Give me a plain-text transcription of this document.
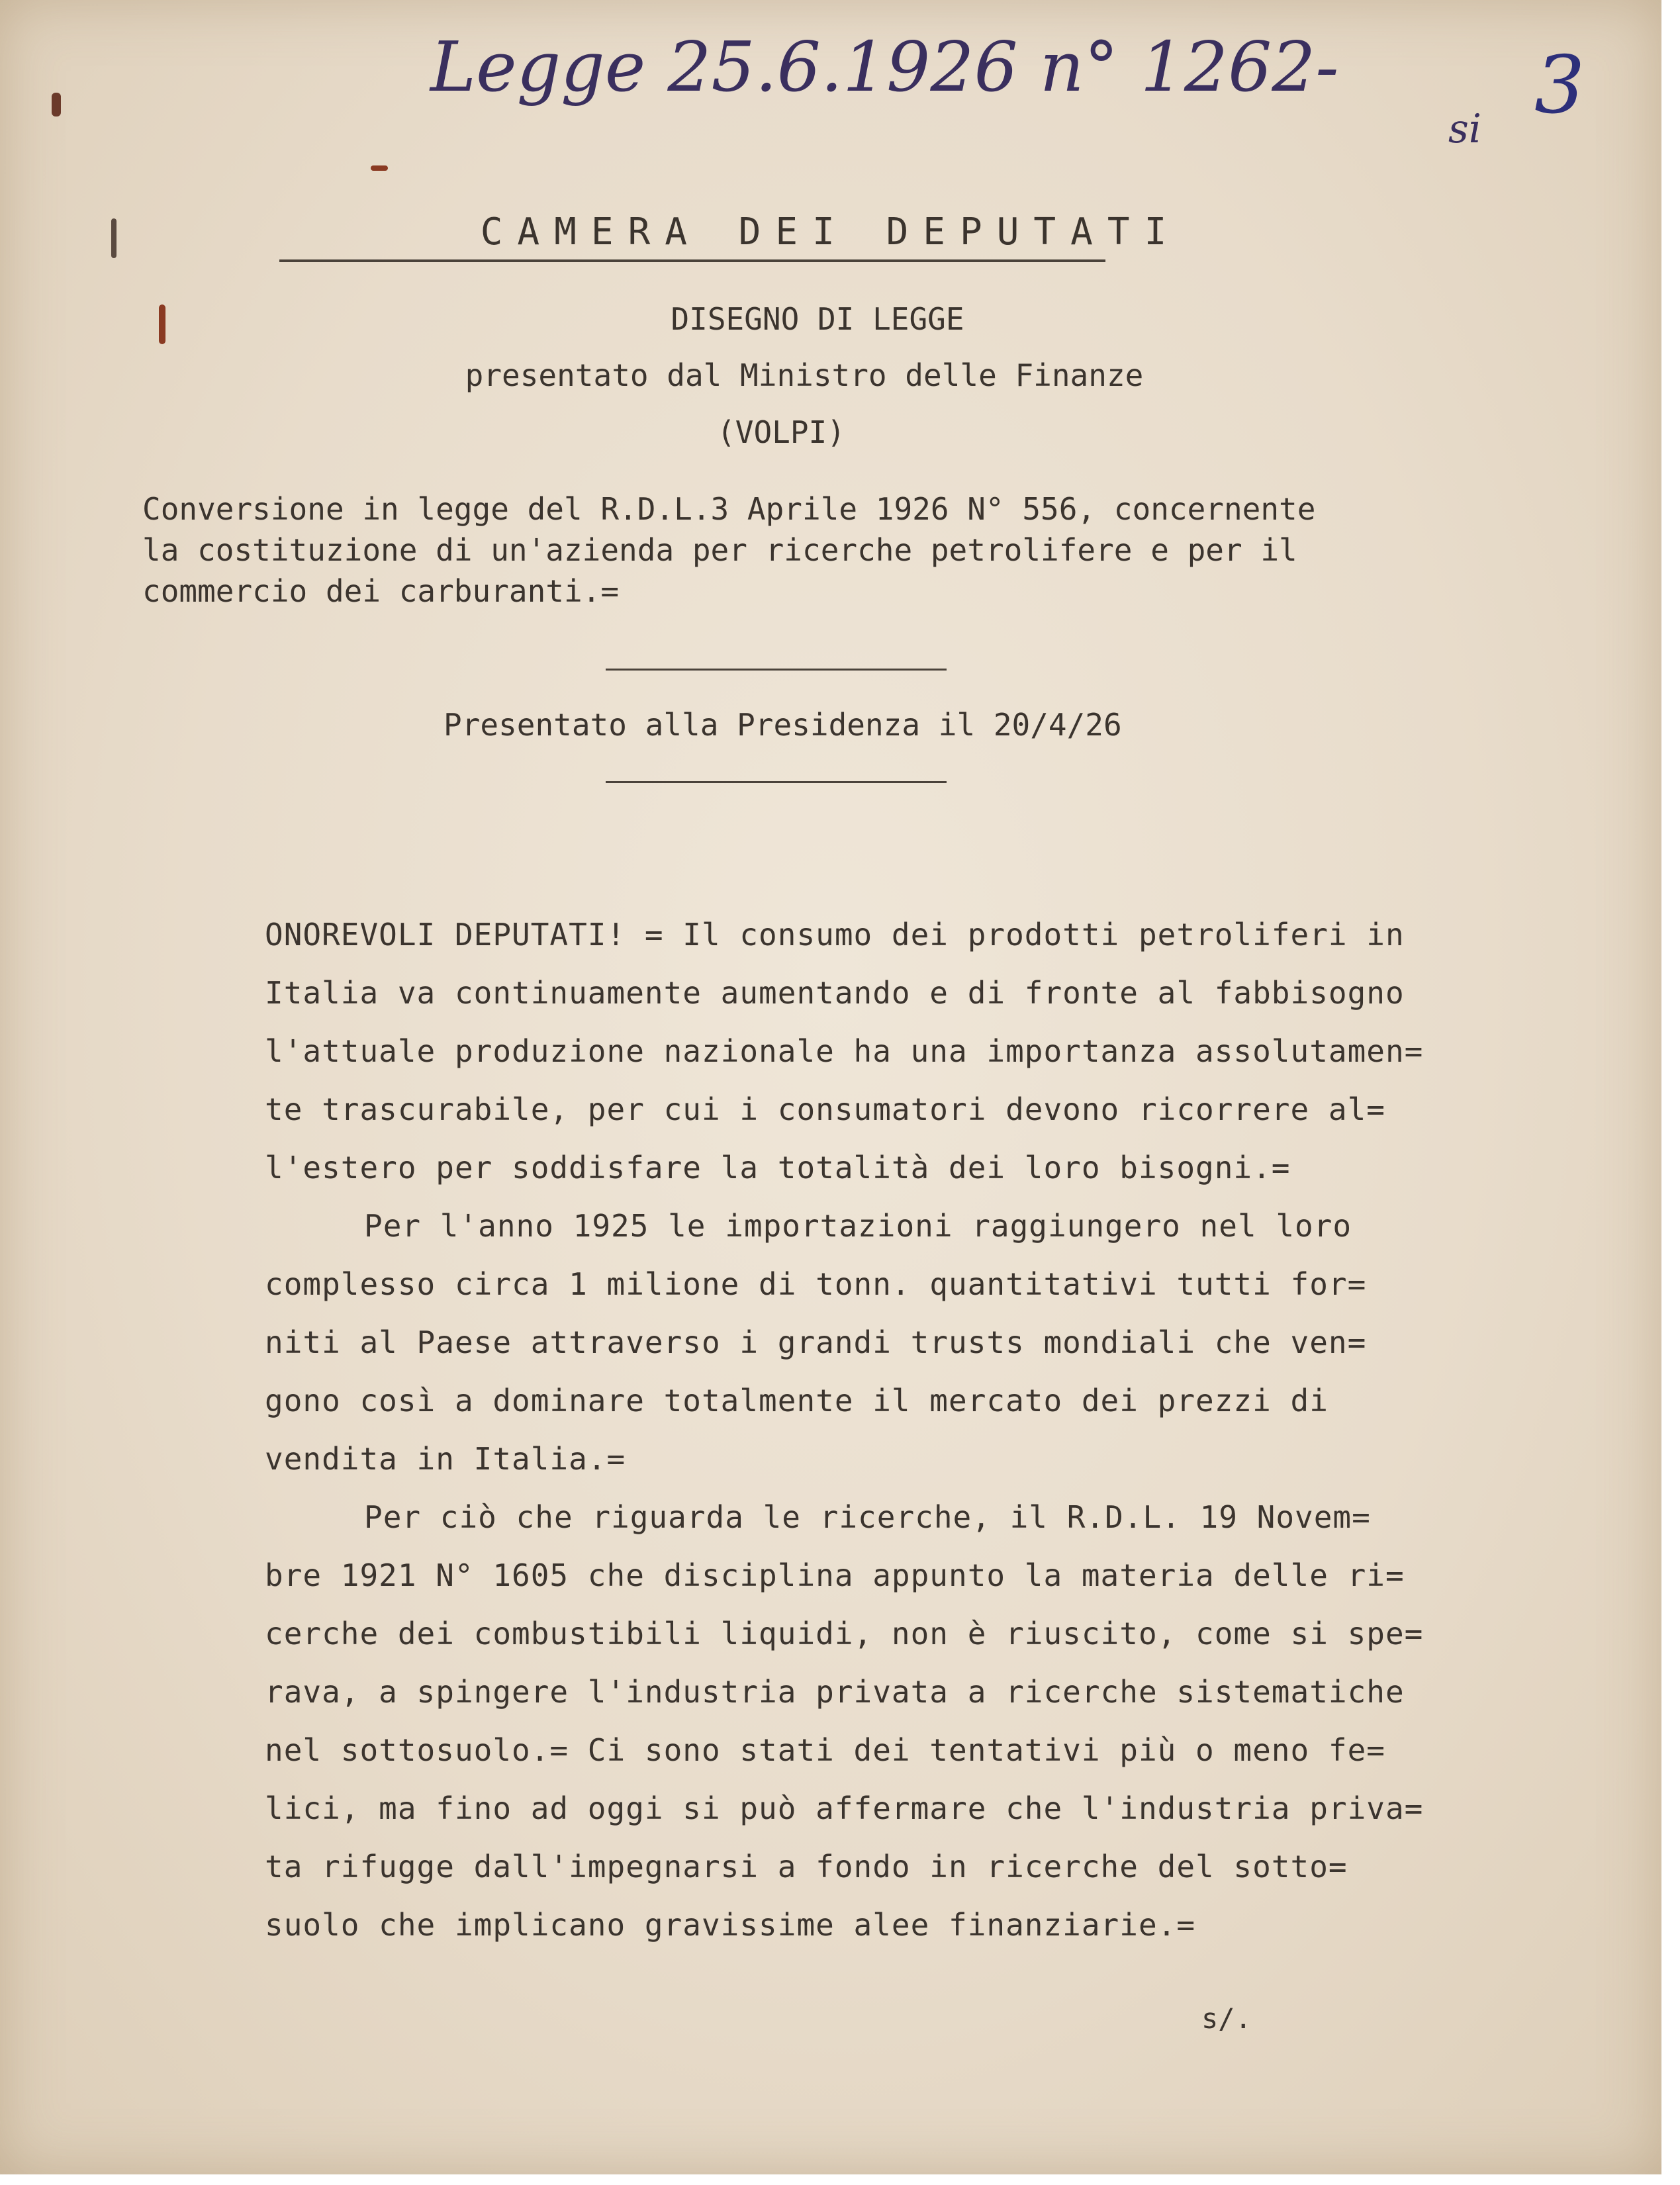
Legge 25.6.1926 n° 1262- 3
si
CAMERA DEI DEPUTATI
DISEGNO DI LEGGE
presentato dal Ministro delle Finanze
(VOLPI)
Conversione in legge del R.D.L.3 Aprile 1926 N° 556, concernente
la costituzione di un'azienda per ricerche petrolifere e per il
commercio dei carburanti.=
Presentato alla Presidenza il 20/4/26
ONOREVOLI DEPUTATI! = Il consumo dei prodotti petroliferi in
Italia va continuamente aumentando e di fronte al fabbisogno
l'attuale produzione nazionale ha una importanza assolutamen=
te trascurabile, per cui i consumatori devono ricorrere al=
l'estero per soddisfare la totalità dei loro bisogni.=
Per l'anno 1925 le importazioni raggiungero nel loro
complesso circa 1 milione di tonn. quantitativi tutti for=
niti al Paese attraverso i grandi trusts mondiali che ven=
gono così a dominare totalmente il mercato dei prezzi di
vendita in Italia.=
Per ciò che riguarda le ricerche, il R.D.L. 19 Novem=
bre 1921 N° 1605 che disciplina appunto la materia delle ri=
cerche dei combustibili liquidi, non è riuscito, come si spe=
rava, a spingere l'industria privata a ricerche sistematiche
nel sottosuolo.= Ci sono stati dei tentativi più o meno fe=
lici, ma fino ad oggi si può affermare che l'industria priva=
ta rifugge dall'impegnarsi a fondo in ricerche del sotto=
suolo che implicano gravissime alee finanziarie.=
s/.
